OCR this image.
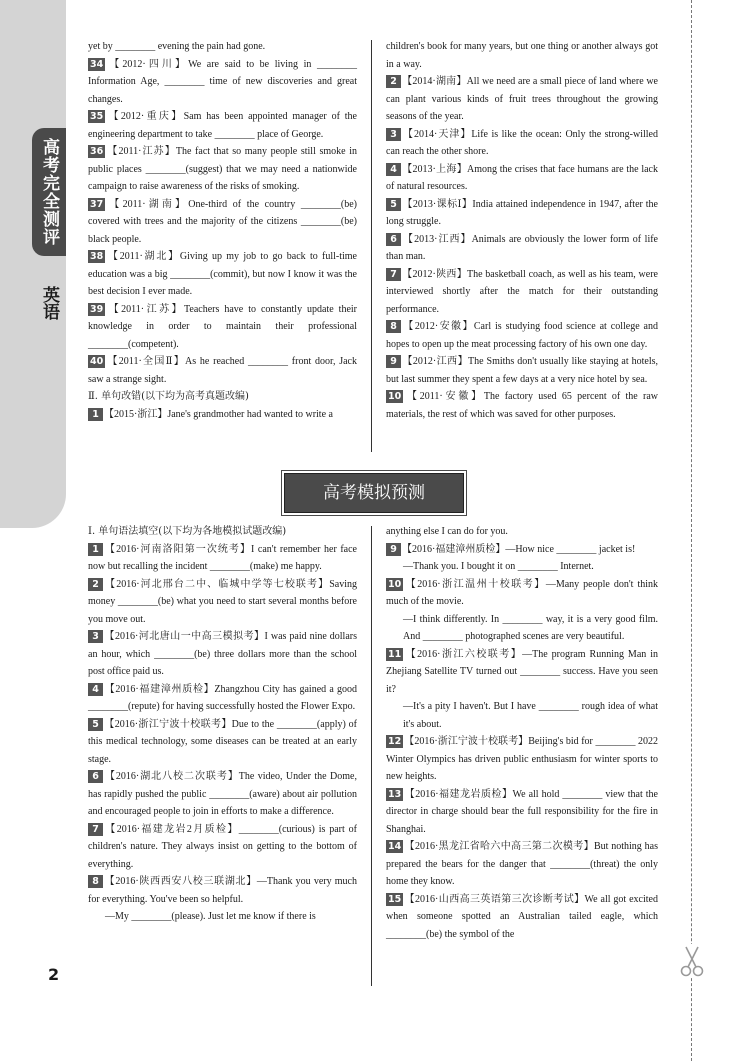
高考完全测评
英语

yet by ________ evening the pain had gone.

34 【2012·四川】We are said to be living in ________ Information Age, ________ time of new discoveries and great changes.

35 【2012·重庆】Sam has been appointed manager of the engineering department to take ________ place of George.

36 【2011·江苏】The fact that so many people still smoke in public places ________(suggest) that we may need a nationwide campaign to raise awareness of the risks of smoking.

37 【2011·湖南】One-third of the country ________(be) covered with trees and the majority of the citizens ________(be) black people.

38 【2011·湖北】Giving up my job to go back to full-time education was a big ________(commit), but now I know it was the best decision I ever made.

39 【2011·江苏】Teachers have to constantly update their knowledge in order to maintain their professional ________(competent).

40 【2011·全国Ⅱ】As he reached ________ front door, Jack saw a strange sight.

Ⅱ. 单句改错(以下均为高考真题改编)

1 【2015·浙江】Jane's grandmother had wanted to write a

children's book for many years, but one thing or another always got in a way.

2 【2014·湖南】All we need are a small piece of land where we can plant various kinds of fruit trees throughout the growing seasons of the year.

3 【2014·天津】Life is like the ocean: Only the strong-willed can reach the other shore.

4 【2013·上海】Among the crises that face humans are the lack of natural resources.

5 【2013·课标Ⅰ】India attained independence in 1947, after the long struggle.

6 【2013·江西】Animals are obviously the lower form of life than man.

7 【2012·陕西】The basketball coach, as well as his team, were interviewed shortly after the match for their outstanding performance.

8 【2012·安徽】Carl is studying food science at college and hopes to open up the meat processing factory of his own one day.

9 【2012·江西】The Smiths don't usually like staying at hotels, but last summer they spent a few days at a very nice hotel by sea.

10 【2011·安徽】The factory used 65 percent of the raw materials, the rest of which was saved for other purposes.

高考模拟预测

Ⅰ. 单句语法填空(以下均为各地模拟试题改编)

1 【2016·河南洛阳第一次统考】I can't remember her face now but recalling the incident ________(make) me happy.

2 【2016·河北邢台二中、临城中学等七校联考】Saving money ________(be) what you need to start several months before you move out.

3 【2016·河北唐山一中高三模拟考】I was paid nine dollars an hour, which ________(be) three dollars more than the school post office paid us.

4 【2016·福建漳州质检】Zhangzhou City has gained a good ________(repute) for having successfully hosted the Flower Expo.

5 【2016·浙江宁波十校联考】Due to the ________(apply) of this medical technology, some diseases can be treated at an early stage.

6 【2016·湖北八校二次联考】The video, Under the Dome, has rapidly pushed the public ________(aware) about air pollution and encouraged people to join in efforts to make a difference.

7 【2016·福建龙岩2月质检】________(curious) is part of children's nature. They always insist on getting to the bottom of everything.

8 【2016·陕西西安八校三联湖北】—Thank you very much for everything. You've been so helpful.

—My ________(please). Just let me know if there is

anything else I can do for you.

9 【2016·福建漳州质检】—How nice ________ jacket is!

—Thank you. I bought it on ________ Internet.

10 【2016·浙江温州十校联考】—Many people don't think much of the movie.

—I think differently. In ________ way, it is a very good film. And ________ photographed scenes are very beautiful.

11 【2016·浙江六校联考】—The program Running Man in Zhejiang Satellite TV turned out ________ success. Have you seen it?

—It's a pity I haven't. But I have ________ rough idea of what it's about.

12 【2016·浙江宁波十校联考】Beijing's bid for ________ 2022 Winter Olympics has driven public enthusiasm for winter sports to new heights.

13 【2016·福建龙岩质检】We all hold ________ view that the director in charge should bear the full responsibility for the fire in Shanghai.

14 【2016·黑龙江省哈六中高三第二次模考】But nothing has prepared the bears for the danger that ________(threat) the only home they know.

15 【2016·山西高三英语第三次诊断考试】We all got excited when someone spotted an Australian tailed eagle, which ________(be) the symbol of the

2
